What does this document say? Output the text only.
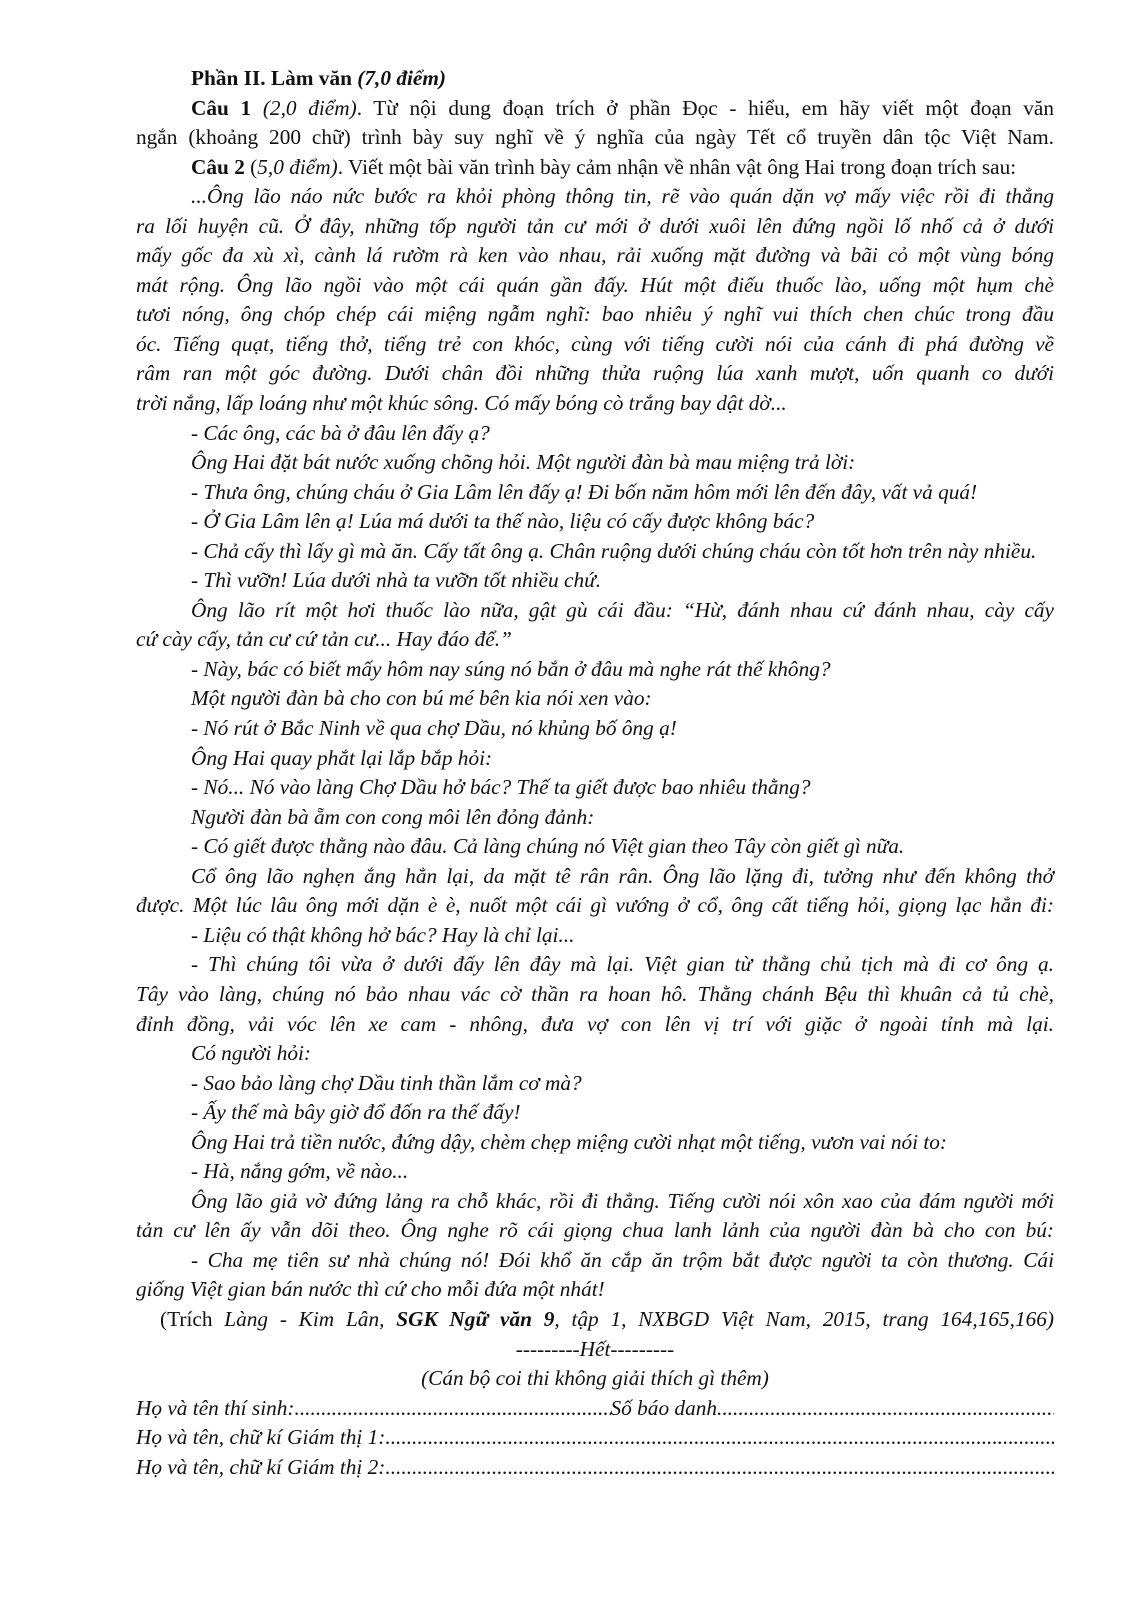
Phần II. Làm văn (7,0 điểm)

Câu 1 (2,0 điểm). Từ nội dung đoạn trích ở phần Đọc - hiểu, em hãy viết một đoạn văn

ngắn (khoảng 200 chữ) trình bày suy nghĩ về ý nghĩa của ngày Tết cổ truyền dân tộc Việt Nam.

Câu 2 (5,0 điểm). Viết một bài văn trình bày cảm nhận về nhân vật ông Hai trong đoạn trích sau:

...Ông lão náo nức bước ra khỏi phòng thông tin, rẽ vào quán dặn vợ mấy việc rồi đi thẳng

ra lối huyện cũ. Ở đây, những tốp người tản cư mới ở dưới xuôi lên đứng ngồi lố nhố cả ở dưới

mấy gốc đa xù xì, cành lá rườm rà ken vào nhau, rải xuống mặt đường và bãi cỏ một vùng bóng

mát rộng. Ông lão ngồi vào một cái quán gần đấy. Hút một điếu thuốc lào, uống một hụm chè

tươi nóng, ông chóp chép cái miệng ngẫm nghĩ: bao nhiêu ý nghĩ vui thích chen chúc trong đầu

óc. Tiếng quạt, tiếng thở, tiếng trẻ con khóc, cùng với tiếng cười nói của cánh đi phá đường về

râm ran một góc đường. Dưới chân đồi những thửa ruộng lúa xanh mượt, uốn quanh co dưới

trời nắng, lấp loáng như một khúc sông. Có mấy bóng cò trắng bay dật dờ...

- Các ông, các bà ở đâu lên đấy ạ?

Ông Hai đặt bát nước xuống chõng hỏi. Một người đàn bà mau miệng trả lời:

- Thưa ông, chúng cháu ở Gia Lâm lên đấy ạ! Đi bốn năm hôm mới lên đến đây, vất vả quá!

- Ở Gia Lâm lên ạ! Lúa má dưới ta thế nào, liệu có cấy được không bác?

- Chả cấy thì lấy gì mà ăn. Cấy tất ông ạ. Chân ruộng dưới chúng cháu còn tốt hơn trên này nhiều.

- Thì vưỡn! Lúa dưới nhà ta vưỡn tốt nhiều chứ.

Ông lão rít một hơi thuốc lào nữa, gật gù cái đầu: “Hừ, đánh nhau cứ đánh nhau, cày cấy

cứ cày cấy, tản cư cứ tản cư... Hay đáo để.”

- Này, bác có biết mấy hôm nay súng nó bắn ở đâu mà nghe rát thế không?

Một người đàn bà cho con bú mé bên kia nói xen vào:

- Nó rút ở Bắc Ninh về qua chợ Dầu, nó khủng bố ông ạ!

Ông Hai quay phắt lại lắp bắp hỏi:

- Nó... Nó vào làng Chợ Dầu hở bác? Thế ta giết được bao nhiêu thằng?

Người đàn bà ẵm con cong môi lên đỏng đảnh:

- Có giết được thằng nào đâu. Cả làng chúng nó Việt gian theo Tây còn giết gì nữa.

Cổ ông lão nghẹn ắng hẳn lại, da mặt tê rân rân. Ông lão lặng đi, tưởng như đến không thở

được. Một lúc lâu ông mới dặn è è, nuốt một cái gì vướng ở cổ, ông cất tiếng hỏi, giọng lạc hẳn đi:

- Liệu có thật không hở bác? Hay là chỉ lại...

- Thì chúng tôi vừa ở dưới đấy lên đây mà lại. Việt gian từ thằng chủ tịch mà đi cơ ông ạ.

Tây vào làng, chúng nó bảo nhau vác cờ thần ra hoan hô. Thằng chánh Bệu thì khuân cả tủ chè,

đỉnh đồng, vải vóc lên xe cam - nhông, đưa vợ con lên vị trí với giặc ở ngoài tỉnh mà lại.

Có người hỏi:

- Sao bảo làng chợ Dầu tinh thần lắm cơ mà?

- Ấy thế mà bây giờ đổ đốn ra thế đấy!

Ông Hai trả tiền nước, đứng dậy, chèm chẹp miệng cười nhạt một tiếng, vươn vai nói to:

- Hà, nắng gớm, về nào...

Ông lão giả vờ đứng lảng ra chỗ khác, rồi đi thẳng. Tiếng cười nói xôn xao của đám người mới

tản cư lên ấy vẫn dõi theo. Ông nghe rõ cái giọng chua lanh lảnh của người đàn bà cho con bú:

- Cha mẹ tiên sư nhà chúng nó! Đói khổ ăn cắp ăn trộm bắt được người ta còn thương. Cái

giống Việt gian bán nước thì cứ cho mỗi đứa một nhát!

(Trích Làng - Kim Lân, SGK Ngữ văn 9, tập 1, NXBGD Việt Nam, 2015, trang 164,165,166)

---------Hết---------

(Cán bộ coi thi không giải thích gì thêm)

Họ và tên thí sinh:
.....	Số báo danh
.....
Họ và tên, chữ kí Giám thị 1:
.....
Họ và tên, chữ kí Giám thị 2:
.....
